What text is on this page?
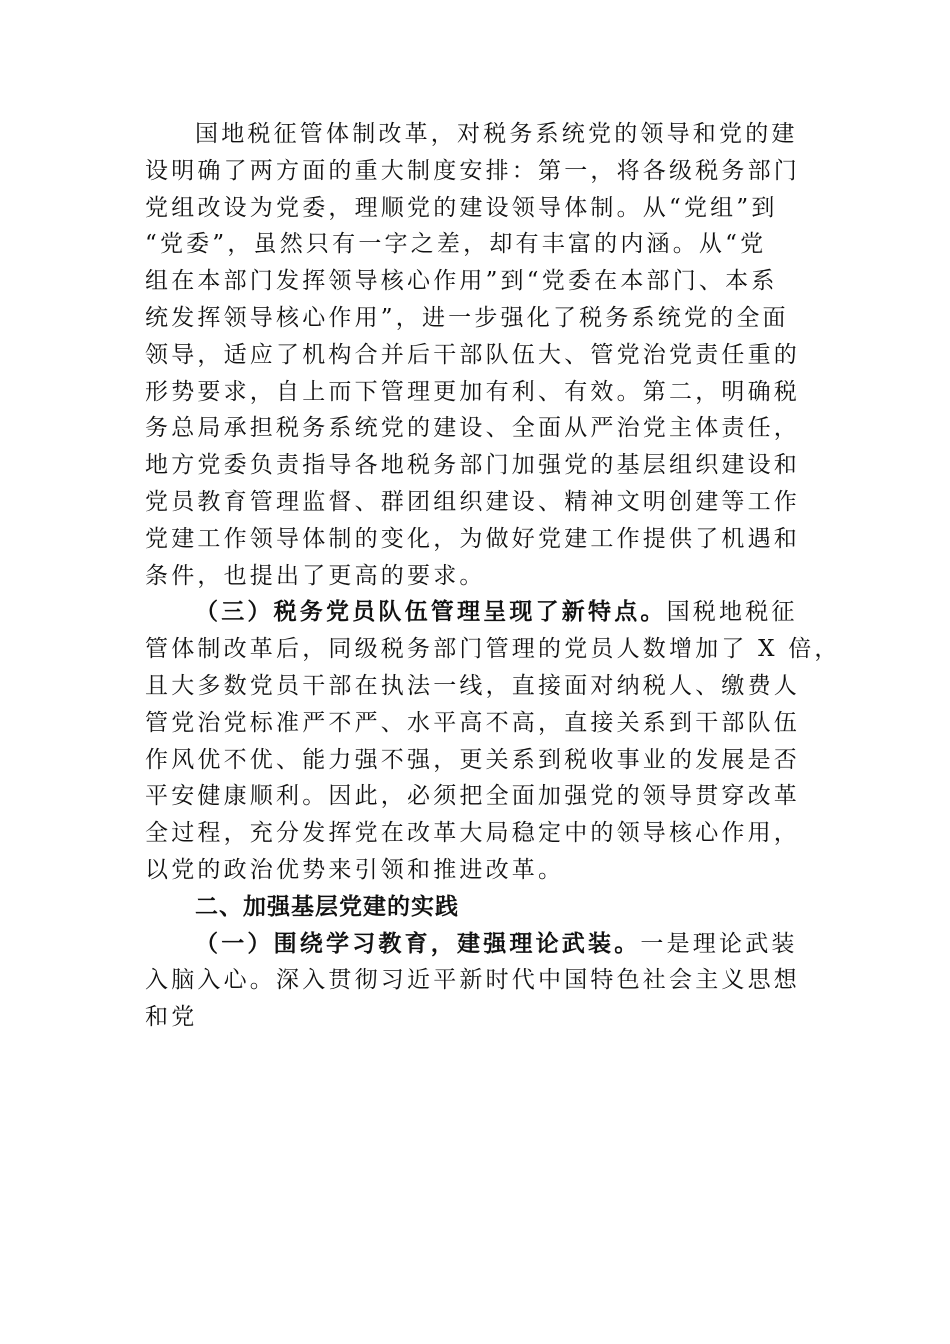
国地税征管体制改革，对税务系统党的领导和党的建
设明确了两方面的重大制度安排：第一，将各级税务部门
党组改设为党委，理顺党的建设领导体制。从“党组”到
“党委”，虽然只有一字之差，却有丰富的内涵。从“党
组在本部门发挥领导核心作用”到“党委在本部门、本系
统发挥领导核心作用”，进一步强化了税务系统党的全面
领导，适应了机构合并后干部队伍大、管党治党责任重的
形势要求，自上而下管理更加有利、有效。第二，明确税
务总局承担税务系统党的建设、全面从严治党主体责任，
地方党委负责指导各地税务部门加强党的基层组织建设和
党员教育管理监督、群团组织建设、精神文明创建等工作
党建工作领导体制的变化，为做好党建工作提供了机遇和
条件，也提出了更高的要求。
（三）税务党员队伍管理呈现了新特点。国税地税征
管体制改革后，同级税务部门管理的党员人数增加了 X 倍，
且大多数党员干部在执法一线，直接面对纳税人、缴费人
管党治党标准严不严、水平高不高，直接关系到干部队伍
作风优不优、能力强不强，更关系到税收事业的发展是否
平安健康顺利。因此，必须把全面加强党的领导贯穿改革
全过程，充分发挥党在改革大局稳定中的领导核心作用，
以党的政治优势来引领和推进改革。
二、加强基层党建的实践
（一）围绕学习教育，建强理论武装。一是理论武装
入脑入心。深入贯彻习近平新时代中国特色社会主义思想
和党
